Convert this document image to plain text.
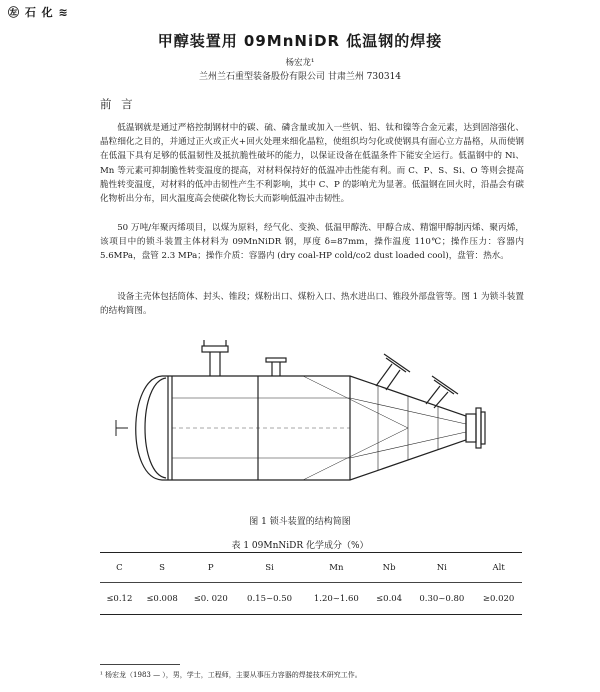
㊧ 石 化 ≋
甲醇装置用 09MnNiDR 低温钢的焊接
杨宏龙¹
兰州兰石重型装备股份有限公司 甘肃兰州 730314
前 言
低温钢就是通过严格控制钢材中的碳、硫、磷含量或加入一些钒、铝、钛和镍等合金元素，达到固溶强化、晶粒细化之目的，并通过正火或正火+回火处理来细化晶粒，使组织均匀化或使钢具有面心立方晶格，从而使钢在低温下具有足够的低温韧性及抵抗脆性破坏的能力，以保证设备在低温条件下能安全运行。低温钢中的 Ni、Mn 等元素可抑制脆性转变温度的提高，对材料保持好的低温冲击性能有利。而 C、P、S、Si、O 等则会提高脆性转变温度，对材料的低冲击韧性产生不利影响，其中 C、P 的影响尤为显著。低温钢在回火时，沿晶会有碳化物析出分布，回火温度高会使碳化物长大而影响低温冲击韧性。
50 万吨/年聚丙烯项目，以煤为原料，经气化、变换、低温甲醇洗、甲醇合成、精馏甲醇制丙烯、聚丙烯，该项目中的锁斗装置主体材料为 09MnNiDR 钢，厚度 δ=87mm，操作温度 110℃；操作压力：容器内 5.6MPa，盘管 2.3 MPa；操作介质：容器内 (dry coal-HP cold/co2 dust loaded cool)，盘管：热水。
设备主壳体包括筒体、封头、锥段；煤粉出口、煤粉入口、热水进出口、锥段外部盘管等。图 1 为锁斗装置的结构简图。
图 1 锁斗装置的结构简图
表 1 09MnNiDR 化学成分（%）
C	S	P	Si	Mn	Nb	Ni	Alt
≤0.12	≤0.008	≤0. 020	0.15~0.50	1.20~1.60	≤0.04	0.30~0.80	≥0.020
¹ 杨宏龙（1983 — ），男，学士，工程师，主要从事压力容器的焊接技术研究工作。
